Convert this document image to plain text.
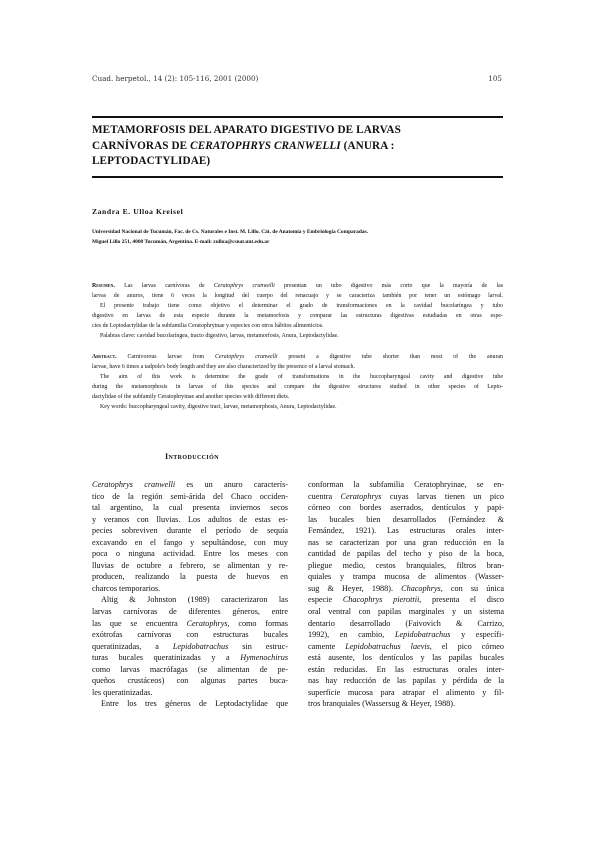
Cuad. herpetol., 14 (2): 105-116, 2001 (2000)	105
METAMORFOSIS DEL APARATO DIGESTIVO DE LARVAS
CARNÍVORAS DE CERATOPHRYS CRANWELLI (ANURA :
LEPTODACTYLIDAE)
Zandra E. Ulloa Kreisel
Universidad Nacional de Tucumán, Fac. de Cs. Naturales e Inst. M. Lillo. Cát. de Anatomía y Embriología Comparadas.
Miguel Lillo 251, 4000 Tucumán, Argentina. E-mail: zulloa@csnat.unt.edu.ar
Resumen. Las larvas carnívoras de Ceratophrys cranwelli presentan un tubo digestivo más corto que la mayoría de las
larvas de anuros, tiene 6 veces la longitud del cuerpo del renacuajo y se caracteriza también por tener un estómago larval.
El presente trabajo tiene como objetivo el determinar el grado de transformaciones en la cavidad bucofaríngea y tubo
digestivo en larvas de esta especie durante la metamorfosis y comparar las estructuras digestivas estudiadas en otras espe-
cies de Leptodactylidae de la subfamilia Ceratophryinae y especies con otros hábitos alimenticios.
Palabras clave: cavidad bucofaríngea, tracto digestivo, larvas, metamorfosis, Anura, Leptodactylidae.
Abstract. Carnivorous larvae from Ceratophrys cranwelli present a digestive tube shorter than most of the anuran
larvae, have 6 times a tadpole's body length and they are also characterized by the presence of a larval stomach.
The aim of this work is determine the grade of transformations in the buccopharyngeal cavity and digestive tube
during the metamorphosis in larvae of this species and compare the digestive structures studied in other species of Lepto-
dactylidae of the subfamily Ceratophryinae and another species with different diets.
Key words: buccopharyngeal cavity, digestive tract, larvae, metamorphosis, Anura, Leptodactylidae.
Introducción
Ceratophrys cranwelli es un anuro caracterís-
tico de la región semi-árida del Chaco occiden-
tal argentino, la cual presenta inviernos secos
y veranos con lluvias. Los adultos de estas es-
pecies sobreviven durante el período de sequía
excavando en el fango y sepultándose, con muy
poca o ninguna actividad. Entre los meses con
lluvias de octubre a febrero, se alimentan y re-
producen, realizando la puesta de huevos en
charcos temporarios.
Altig & Johnston (1989) caracterizaron las
larvas carnívoras de diferentes géneros, entre
las que se encuentra Ceratophrys, como formas
exótrofas carnívoras con estructuras bucales
queratinizadas, a Lepidobatrachus sin estruc-
turas bucales queratinizadas y a Hymenochirus
como larvas macrófagas (se alimentan de pe-
queños crustáceos) con algunas partes buca-
les queratinizadas.
Entre los tres géneros de Leptodactylidae que
conforman la subfamilia Ceratophryinae, se en-
cuentra Ceratophrys cuyas larvas tienen un pico
córneo con bordes aserrados, dentículos y papi-
las bucales bien desarrollados (Fernández &
Fernández, 1921). Las estructuras orales inter-
nas se caracterizan por una gran reducción en la
cantidad de papilas del techo y piso de la boca,
pliegue medio, cestos branquiales, filtros bran-
quiales y trampa mucosa de alimentos (Wasser-
sug & Heyer, 1988). Chacophrys, con su única
especie Chacophrys pierottii, presenta el disco
oral ventral con papilas marginales y un sistema
dentario desarrollado (Faivovich & Carrizo,
1992), en cambio, Lepidobatrachus y específi-
camente Lepidobatrachus laevis, el pico córneo
está ausente, los dentículos y las papilas bucales
están reducidas. En las estructuras orales inter-
nas hay reducción de las papilas y pérdida de la
superficie mucosa para atrapar el alimento y fil-
tros branquiales (Wassersug & Heyer, 1988).
